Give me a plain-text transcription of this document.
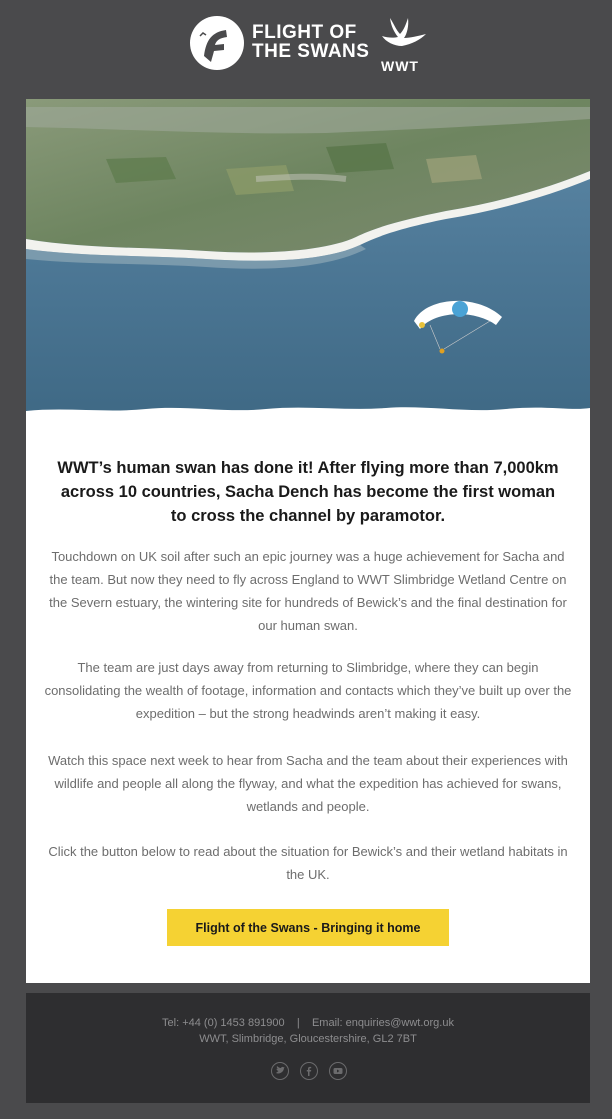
FLIGHT OF
THE SWANS
WWT
WWT’s human swan has done it! After flying more than 7,000km across 10 countries, Sacha Dench has become the first woman to cross the channel by paramotor.

Touchdown on UK soil after such an epic journey was a huge achievement for Sacha and the team. But now they need to fly across England to WWT Slimbridge Wetland Centre on the Severn estuary, the wintering site for hundreds of Bewick’s and the final destination for our human swan.

The team are just days away from returning to Slimbridge, where they can begin consolidating the wealth of footage, information and contacts which they’ve built up over the expedition – but the strong headwinds aren’t making it easy.

Watch this space next week to hear from Sacha and the team about their experiences with wildlife and people all along the flyway, and what the expedition has achieved for swans, wetlands and people.

Click the button below to read about the situation for Bewick’s and their wetland habitats in the UK.

Flight of the Swans - Bringing it home
Tel: +44 (0) 1453 891900    |    Email: enquiries@wwt.org.uk
WWT, Slimbridge, Gloucestershire, GL2 7BT
